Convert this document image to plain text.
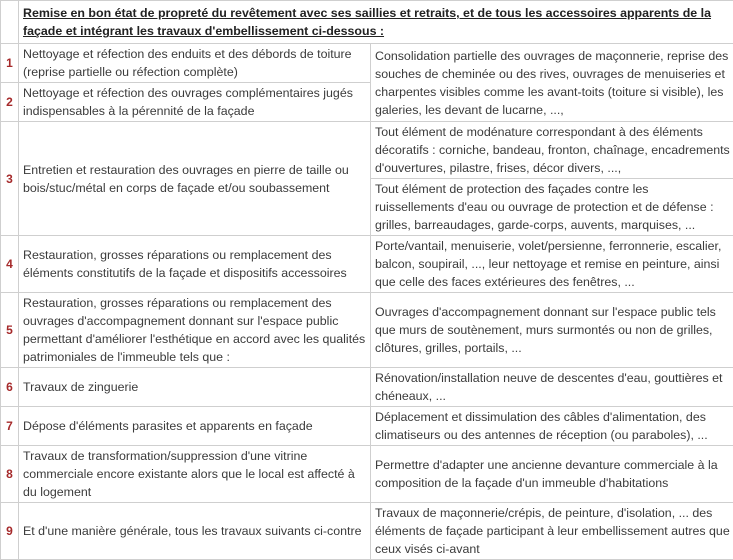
	Remise en bon état de propreté du revêtement avec ses saillies et retraits, et de tous les accessoires apparents de la façade et intégrant les travaux d'embellissement ci-dessous :	
1	Nettoyage et réfection des enduits et des débords de toiture (reprise partielle ou réfection complète)	Consolidation partielle des ouvrages de maçonnerie, reprise des souches de cheminée ou des rives, ouvrages de menuiseries et charpentes visibles comme les avant-toits (toiture si visible), les galeries, les devant de lucarne, ...,
2	Nettoyage et réfection des ouvrages complémentaires jugés indispensables à la pérennité de la façade	
3	Entretien et restauration des ouvrages en pierre de taille ou bois/stuc/métal en corps de façade et/ou soubassement	Tout élément de modénature correspondant à des éléments décoratifs : corniche, bandeau, fronton, chaînage, encadrements d'ouvertures, pilastre, frises, décor divers, ...,
		Tout élément de protection des façades contre les ruissellements d'eau ou ouvrage de protection et de défense : grilles, barreaudages, garde-corps, auvents, marquises, ...
4	Restauration, grosses réparations ou remplacement des éléments constitutifs de la façade et dispositifs accessoires	Porte/vantail, menuiserie, volet/persienne, ferronnerie, escalier, balcon, soupirail, ..., leur nettoyage et remise en peinture, ainsi que celle des faces extérieures des fenêtres, ...
5	Restauration, grosses réparations ou remplacement des ouvrages d'accompagnement donnant sur l'espace public permettant d'améliorer l'esthétique en accord avec les qualités patrimoniales de l'immeuble tels que :	Ouvrages d'accompagnement donnant sur l'espace public tels que murs de soutènement, murs surmontés ou non de grilles, clôtures, grilles, portails, ...
6	Travaux de zinguerie	Rénovation/installation neuve de descentes d'eau, gouttières et chéneaux, ...
7	Dépose d'éléments parasites et apparents en façade	Déplacement et dissimulation des câbles d'alimentation, des climatiseurs ou des antennes de réception (ou paraboles), ...
8	Travaux de transformation/suppression d'une vitrine commerciale encore existante alors que le local est affecté à du logement	Permettre d'adapter une ancienne devanture commerciale à la composition de la façade d'un immeuble d'habitations
9	Et d'une manière générale, tous les travaux suivants ci-contre	Travaux de maçonnerie/crépis, de peinture, d'isolation, ... des éléments de façade participant à leur embellissement autres que ceux visés ci-avant
